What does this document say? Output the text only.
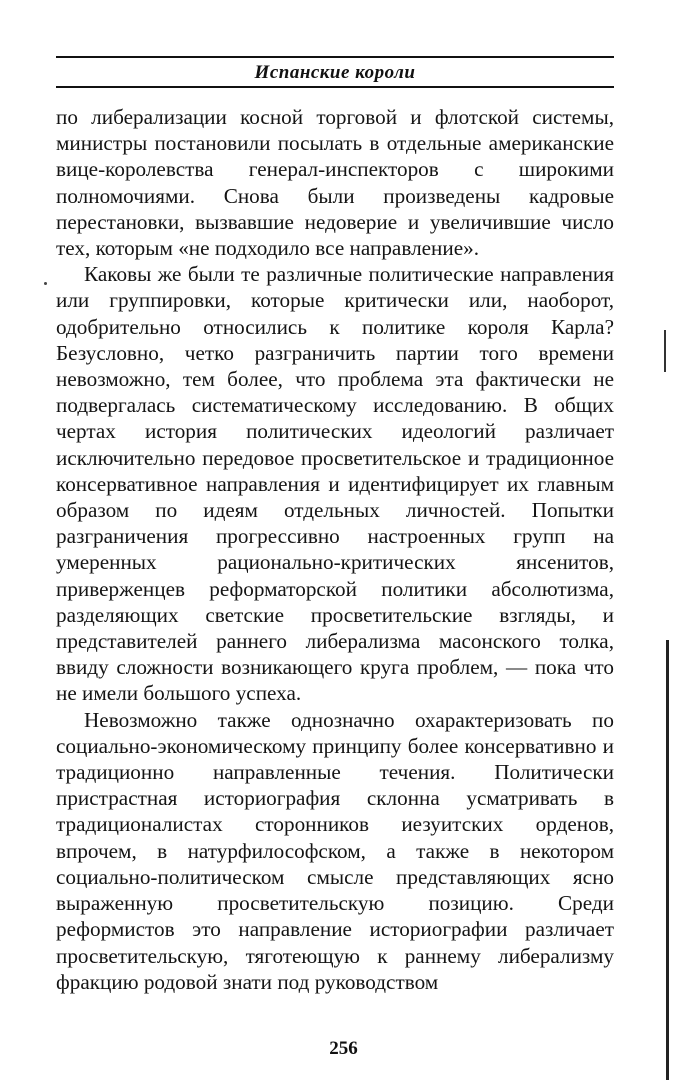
Испанские короли

по либерализации косной торговой и флотской системы, министры постановили посылать в отдельные американские вице-королевства генерал-инспекторов с широкими полномочиями. Снова были произведены кадровые перестановки, вызвавшие недоверие и увеличившие число тех, которым «не подходило все направление».

Каковы же были те различные политические направления или группировки, которые критически или, наоборот, одобрительно относились к политике короля Карла? Безусловно, четко разграничить партии того времени невозможно, тем более, что проблема эта фактически не подвергалась систематическому исследованию. В общих чертах история политических идеологий различает исключительно передовое просветительское и традиционное консервативное направления и идентифицирует их главным образом по идеям отдельных личностей. Попытки разграничения прогрессивно настроенных групп на умеренных рационально-критических янсенитов, приверженцев реформаторской политики абсолютизма, разделяющих светские просветительские взгляды, и представителей раннего либерализма масонского толка, ввиду сложности возникающего круга проблем, — пока что не имели большого успеха.

Невозможно также однозначно охарактеризовать по социально-экономическому принципу более консервативно и традиционно направленные течения. Политически пристрастная историография склонна усматривать в традиционалистах сторонников иезуитских орденов, впрочем, в натурфилософском, а также в некотором социально-политическом смысле представляющих ясно выраженную просветительскую позицию. Среди реформистов это направление историографии различает просветительскую, тяготеющую к раннему либерализму фракцию родовой знати под руководством

256
